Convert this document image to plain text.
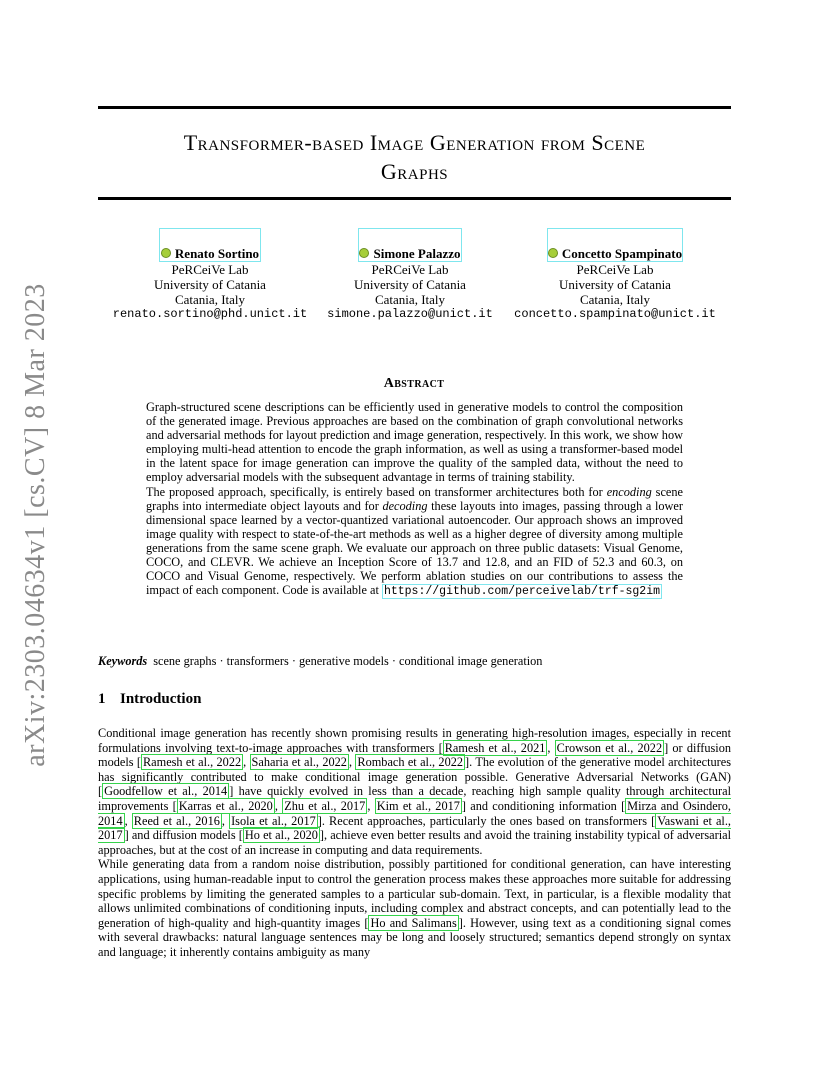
arXiv:2303.04634v1 [cs.CV] 8 Mar 2023
Transformer-based Image Generation from Scene
Graphs
Renato Sortino
PeRCeiVe Lab
University of Catania
Catania, Italy
renato.sortino@phd.unict.it
Simone Palazzo
PeRCeiVe Lab
University of Catania
Catania, Italy
simone.palazzo@unict.it
Concetto Spampinato
PeRCeiVe Lab
University of Catania
Catania, Italy
concetto.spampinato@unict.it
Abstract

Graph-structured scene descriptions can be efficiently used in generative models to control the composition of the generated image. Previous approaches are based on the combination of graph convolutional networks and adversarial methods for layout prediction and image generation, respectively. In this work, we show how employing multi-head attention to encode the graph information, as well as using a transformer-based model in the latent space for image generation can improve the quality of the sampled data, without the need to employ adversarial models with the subsequent advantage in terms of training stability.

The proposed approach, specifically, is entirely based on transformer architectures both for encoding scene graphs into intermediate object layouts and for decoding these layouts into images, passing through a lower dimensional space learned by a vector-quantized variational autoencoder. Our approach shows an improved image quality with respect to state-of-the-art methods as well as a higher degree of diversity among multiple generations from the same scene graph. We evaluate our approach on three public datasets: Visual Genome, COCO, and CLEVR. We achieve an Inception Score of 13.7 and 12.8, and an FID of 52.3 and 60.3, on COCO and Visual Genome, respectively. We perform ablation studies on our contributions to assess the impact of each component. Code is available at https://github.com/perceivelab/trf-sg2im

Keywords scene graphs · transformers · generative models · conditional image generation
1 Introduction

Conditional image generation has recently shown promising results in generating high-resolution images, especially in recent formulations involving text-to-image approaches with transformers [ Ramesh et al., 2021 , Crowson et al., 2022 ] or diffusion models [ Ramesh et al., 2022 , Saharia et al., 2022 , Rombach et al., 2022 ]. The evolution of the generative model architectures has significantly contributed to make conditional image generation possible. Generative Adversarial Networks (GAN) [ Goodfellow et al., 2014 ] have quickly evolved in less than a decade, reaching high sample quality through architectural improvements [ Karras et al., 2020 , Zhu et al., 2017 , Kim et al., 2017 ] and conditioning information [ Mirza and Osindero, 2014 , Reed et al., 2016 , Isola et al., 2017 ]. Recent approaches, particularly the ones based on transformers [ Vaswani et al., 2017 ] and diffusion models [ Ho et al., 2020 ], achieve even better results and avoid the training instability typical of adversarial approaches, but at the cost of an increase in computing and data requirements.

While generating data from a random noise distribution, possibly partitioned for conditional generation, can have interesting applications, using human-readable input to control the generation process makes these approaches more suitable for addressing specific problems by limiting the generated samples to a particular sub-domain. Text, in particular, is a flexible modality that allows unlimited combinations of conditioning inputs, including complex and abstract concepts, and can potentially lead to the generation of high-quality and high-quantity images [ Ho and Salimans ]. However, using text as a conditioning signal comes with several drawbacks: natural language sentences may be long and loosely structured; semantics depend strongly on syntax and language; it inherently contains ambiguity as many
